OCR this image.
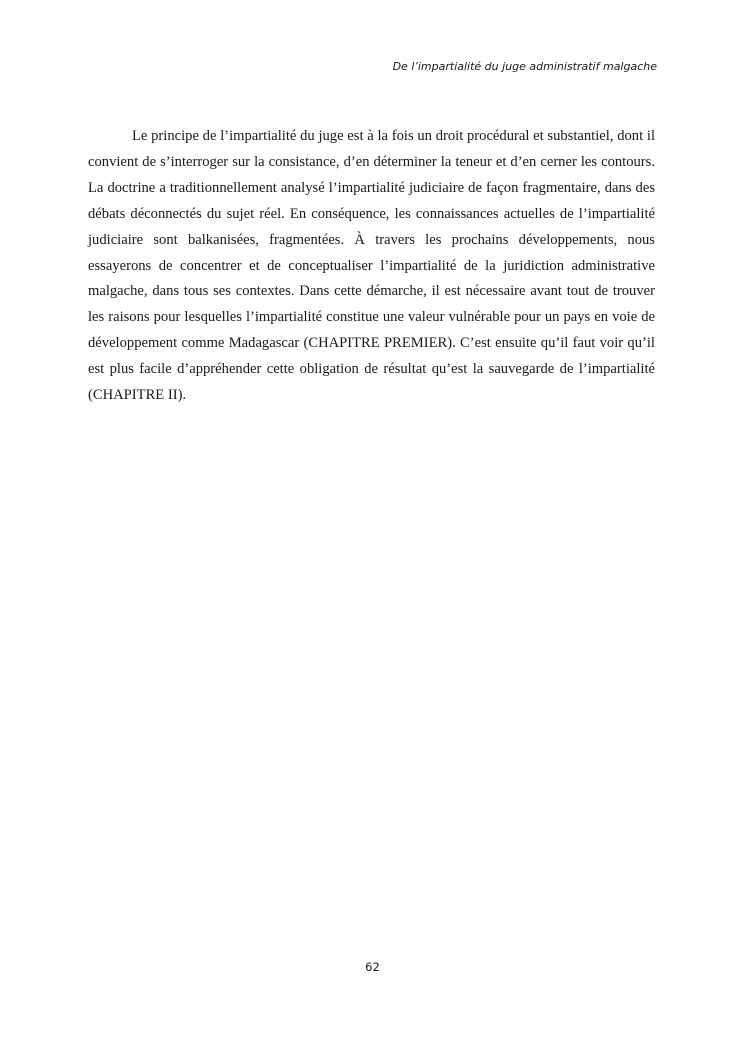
De l’impartialité du juge administratif malgache

Le principe de l’impartialité du juge est à la fois un droit procédural et substantiel, dont il convient de s’interroger sur la consistance, d’en déterminer la teneur et d’en cerner les contours. La doctrine a traditionnellement analysé l’impartialité judiciaire de façon fragmentaire, dans des débats déconnectés du sujet réel. En conséquence, les connaissances actuelles de l’impartialité judiciaire sont balkanisées, fragmentées. À travers les prochains développements, nous essayerons de concentrer et de conceptualiser l’impartialité de la juridiction administrative malgache, dans tous ses contextes. Dans cette démarche, il est nécessaire avant tout de trouver les raisons pour lesquelles l’impartialité constitue une valeur vulnérable pour un pays en voie de développement comme Madagascar (CHAPITRE PREMIER). C’est ensuite qu’il faut voir qu’il est plus facile d’appréhender cette obligation de résultat qu’est la sauvegarde de l’impartialité (CHAPITRE II).

62
